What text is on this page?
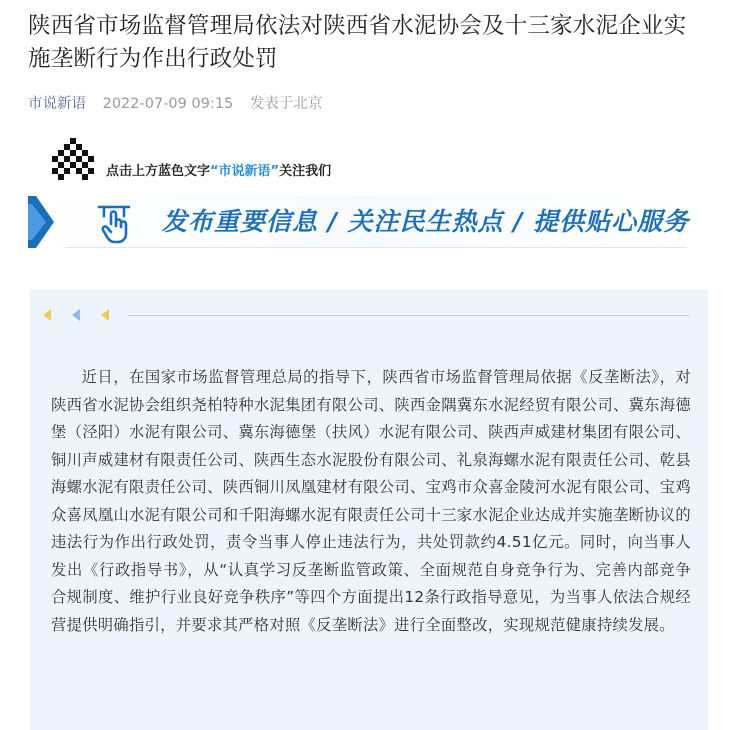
陕西省市场监督管理局依法对陕西省水泥协会及十三家水泥企业实施垄断行为作出行政处罚
市说新语 2022-07-09 09:15 发表于北京
点击上方蓝色文字“市说新语”关注我们
发布重要信息 / 关注民生热点 / 提供贴心服务

近日，在国家市场监督管理总局的指导下，陕西省市场监督管理局依据《反垄断法》，对陕西省水泥协会组织尧柏特种水泥集团有限公司、陕西金隅冀东水泥经贸有限公司、冀东海德堡（泾阳）水泥有限公司、冀东海德堡（扶风）水泥有限公司、陕西声威建材集团有限公司、铜川声威建材有限责任公司、陕西生态水泥股份有限公司、礼泉海螺水泥有限责任公司、乾县海螺水泥有限责任公司、陕西铜川凤凰建材有限公司、宝鸡市众喜金陵河水泥有限公司、宝鸡众喜凤凰山水泥有限公司和千阳海螺水泥有限责任公司十三家水泥企业达成并实施垄断协议的违法行为作出行政处罚，责令当事人停止违法行为，共处罚款约4.51亿元。同时，向当事人发出《行政指导书》，从“认真学习反垄断监管政策、全面规范自身竞争行为、完善内部竞争合规制度、维护行业良好竞争秩序”等四个方面提出12条行政指导意见，为当事人依法合规经营提供明确指引，并要求其严格对照《反垄断法》进行全面整改，实现规范健康持续发展。
